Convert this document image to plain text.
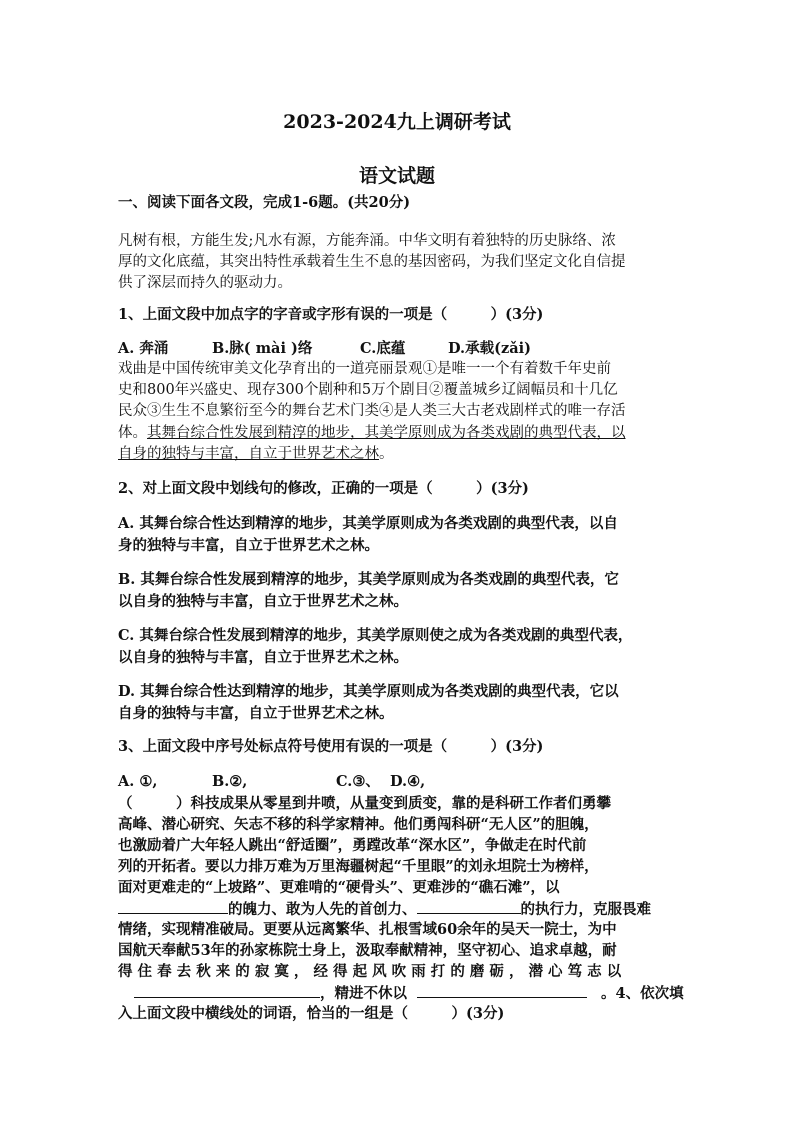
2023-2024九上调研考试
语文试题
一、阅读下面各文段，完成1-6题。(共20分)
凡树有根，方能生发;凡水有源，方能奔涌。中华文明有着独特的历史脉络、浓
厚的文化底蕴，其突出特性承载着生生不息的基因密码，为我们坚定文化自信提
供了深层而持久的驱动力。
1、上面文段中加点字的字音或字形有误的一项是（　　　）(3分)
A. 奔涌	B.脉( mài )络	C.底蕴	D.承载(zǎi)
戏曲是中国传统审美文化孕育出的一道亮丽景观①是唯一一个有着数千年史前
史和800年兴盛史、现存300个剧种和5万个剧目②覆盖城乡辽阔幅员和十几亿
民众③生生不息繁衍至今的舞台艺术门类④是人类三大古老戏剧样式的唯一存活
体。其舞台综合性发展到精淳的地步，其美学原则成为各类戏剧的典型代表，以
自身的独特与丰富，自立于世界艺术之林。
2、对上面文段中划线句的修改，正确的一项是（　　　）(3分)
A. 其舞台综合性达到精淳的地步，其美学原则成为各类戏剧的典型代表，以自
身的独特与丰富，自立于世界艺术之林。
B. 其舞台综合性发展到精淳的地步，其美学原则成为各类戏剧的典型代表，它
以自身的独特与丰富，自立于世界艺术之林。
C. 其舞台综合性发展到精淳的地步，其美学原则使之成为各类戏剧的典型代表，
以自身的独特与丰富，自立于世界艺术之林。
D. 其舞台综合性达到精淳的地步，其美学原则成为各类戏剧的典型代表，它以
自身的独特与丰富，自立于世界艺术之林。
3、上面文段中序号处标点符号使用有误的一项是（　　　）(3分)
A. ①,	B.②,	C.③、 D.④,
（　　　）科技成果从零星到井喷，从量变到质变，靠的是科研工作者们勇攀
高峰、潜心研究、矢志不移的科学家精神。他们勇闯科研“无人区”的胆魄，
也激励着广大年轻人跳出“舒适圈”，勇蹚改革“深水区”，争做走在时代前
列的开拓者。要以力排万难为万里海疆树起“千里眼”的刘永坦院士为榜样，
面对更难走的“上坡路”、更难啃的“硬骨头”、更难涉的“礁石滩”，以
的魄力、敢为人先的首创力、	的执行力，克服畏难
情绪，实现精准破局。更要从远离繁华、扎根雪域60余年的吴天一院士，为中
国航天奉献53年的孙家栋院士身上，汲取奉献精神，坚守初心、追求卓越，耐
得 住 春 去 秋 来 的 寂 寞 ， 经 得 起 风 吹 雨 打 的 磨 砺 ， 潜 心 笃 志 以
，精进不休以	。4、依次填
入上面文段中横线处的词语，恰当的一组是（　　　）(3分)
